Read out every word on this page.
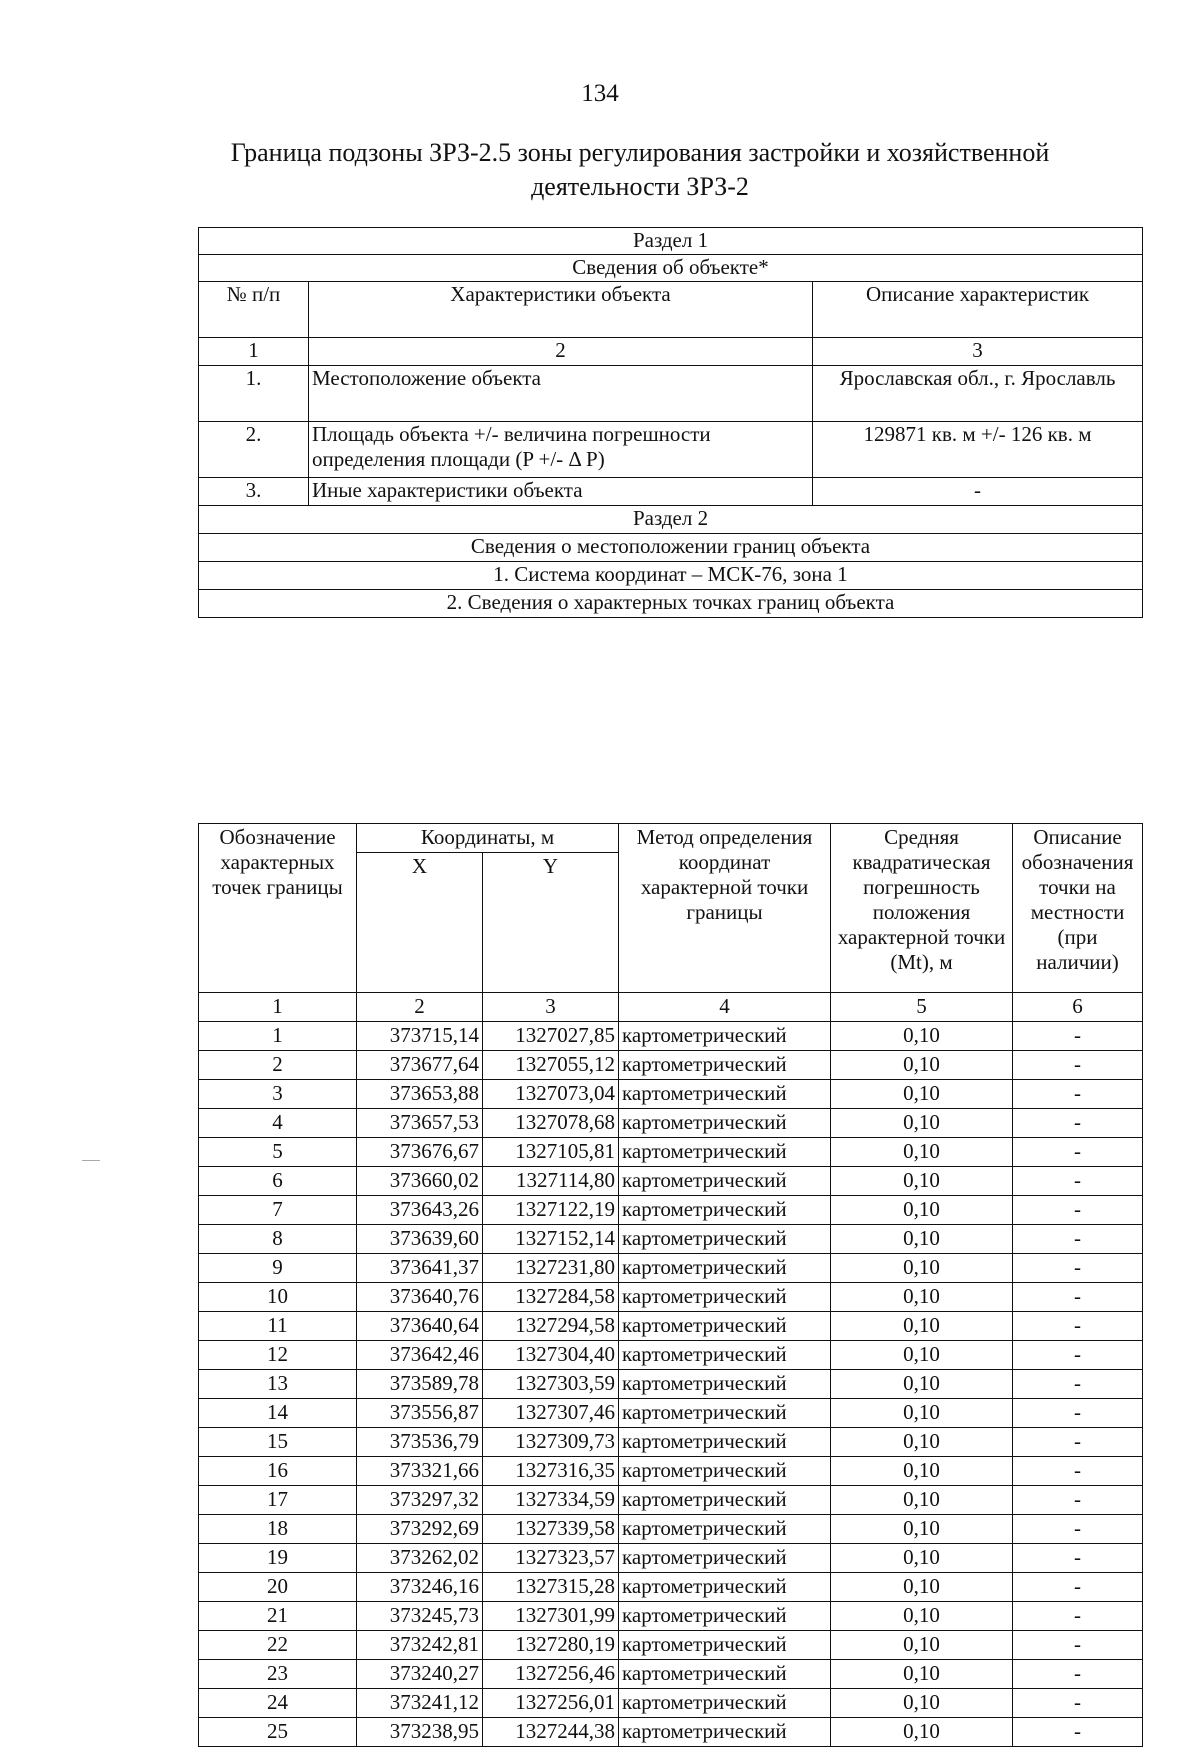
134
Граница подзоны ЗРЗ-2.5 зоны регулирования застройки и хозяйственной
деятельности ЗРЗ-2
Раздел 1		
Сведения об объекте*		
№ п/п	Характеристики объекта	Описание характеристик
1	2	3
1.	Местоположение объекта	Ярославская обл., г. Ярославль
2.	Площадь объекта +/- величина погрешности определения площади (P +/- Δ P)	129871 кв. м +/- 126 кв. м
3.	Иные характеристики объекта	-
Раздел 2		
Сведения о местоположении границ объекта		
1. Система координат – МСК-76, зона 1		
2. Сведения о характерных точках границ объекта		
Обозначение характерных точек границы	Координаты, м		Метод определения координат характерной точки границы	Средняя квадратическая погрешность положения характерной точки (Mt), м	Описание обозначения точки на местности (при наличии)
	X	Y			
1	2	3	4	5	6
1	373715,14	1327027,85	картометрический	0,10	-
2	373677,64	1327055,12	картометрический	0,10	-
3	373653,88	1327073,04	картометрический	0,10	-
4	373657,53	1327078,68	картометрический	0,10	-
5	373676,67	1327105,81	картометрический	0,10	-
6	373660,02	1327114,80	картометрический	0,10	-
7	373643,26	1327122,19	картометрический	0,10	-
8	373639,60	1327152,14	картометрический	0,10	-
9	373641,37	1327231,80	картометрический	0,10	-
10	373640,76	1327284,58	картометрический	0,10	-
11	373640,64	1327294,58	картометрический	0,10	-
12	373642,46	1327304,40	картометрический	0,10	-
13	373589,78	1327303,59	картометрический	0,10	-
14	373556,87	1327307,46	картометрический	0,10	-
15	373536,79	1327309,73	картометрический	0,10	-
16	373321,66	1327316,35	картометрический	0,10	-
17	373297,32	1327334,59	картометрический	0,10	-
18	373292,69	1327339,58	картометрический	0,10	-
19	373262,02	1327323,57	картометрический	0,10	-
20	373246,16	1327315,28	картометрический	0,10	-
21	373245,73	1327301,99	картометрический	0,10	-
22	373242,81	1327280,19	картометрический	0,10	-
23	373240,27	1327256,46	картометрический	0,10	-
24	373241,12	1327256,01	картометрический	0,10	-
25	373238,95	1327244,38	картометрический	0,10	-
